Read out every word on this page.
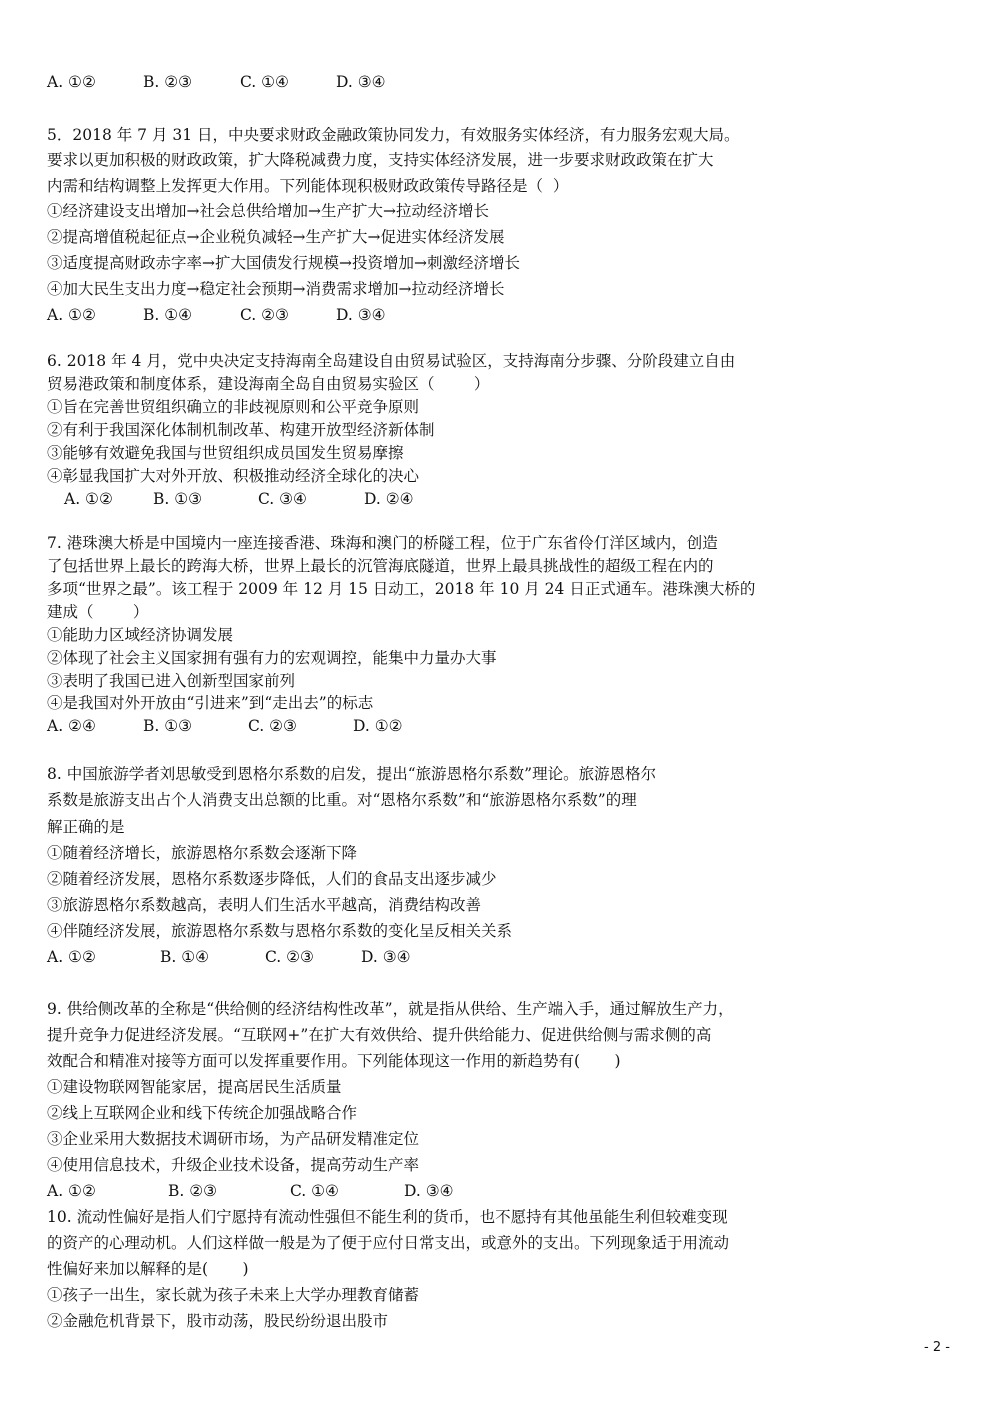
A. ①②	B. ②③	C. ①④	D. ③④
5．2018 年 7 月 31 日，中央要求财政金融政策协同发力，有效服务实体经济，有力服务宏观大局。
要求以更加积极的财政政策，扩大降税减费力度，支持实体经济发展，进一步要求财政政策在扩大
内需和结构调整上发挥更大作用。下列能体现积极财政政策传导路径是（  ）
①经济建设支出增加→社会总供给增加→生产扩大→拉动经济增长
②提高增值税起征点→企业税负减轻→生产扩大→促进实体经济发展
③适度提高财政赤字率→扩大国债发行规模→投资增加→刺激经济增长
④加大民生支出力度→稳定社会预期→消费需求增加→拉动经济增长
A. ①②	B. ①④	C. ②③	D. ③④
6. 2018 年 4 月，党中央决定支持海南全岛建设自由贸易试验区，支持海南分步骤、分阶段建立自由
贸易港政策和制度体系，建设海南全岛自由贸易实验区（        ）
①旨在完善世贸组织确立的非歧视原则和公平竞争原则
②有利于我国深化体制机制改革、构建开放型经济新体制
③能够有效避免我国与世贸组织成员国发生贸易摩擦
④彰显我国扩大对外开放、积极推动经济全球化的决心
A. ①②	B. ①③	C. ③④	D. ②④
7. 港珠澳大桥是中国境内一座连接香港、珠海和澳门的桥隧工程，位于广东省伶仃洋区域内，创造
了包括世界上最长的跨海大桥，世界上最长的沉管海底隧道，世界上最具挑战性的超级工程在内的
多项“世界之最”。该工程于 2009 年 12 月 15 日动工，2018 年 10 月 24 日正式通车。港珠澳大桥的
建成（        ）
①能助力区域经济协调发展
②体现了社会主义国家拥有强有力的宏观调控，能集中力量办大事
③表明了我国已进入创新型国家前列
④是我国对外开放由“引进来”到“走出去”的标志
A. ②④	B. ①③	C. ②③	D. ①②
8. 中国旅游学者刘思敏受到恩格尔系数的启发，提出“旅游恩格尔系数”理论。旅游恩格尔
系数是旅游支出占个人消费支出总额的比重。对“恩格尔系数”和“旅游恩格尔系数”的理
解正确的是
①随着经济增长，旅游恩格尔系数会逐渐下降
②随着经济发展，恩格尔系数逐步降低，人们的食品支出逐步减少
③旅游恩格尔系数越高，表明人们生活水平越高，消费结构改善
④伴随经济发展，旅游恩格尔系数与恩格尔系数的变化呈反相关关系
A. ①②	B. ①④	C. ②③	D. ③④
9. 供给侧改革的全称是“供给侧的经济结构性改革”，就是指从供给、生产端入手，通过解放生产力，
提升竞争力促进经济发展。“互联网+”在扩大有效供给、提升供给能力、促进供给侧与需求侧的高
效配合和精准对接等方面可以发挥重要作用。下列能体现这一作用的新趋势有(       )
①建设物联网智能家居，提高居民生活质量
②线上互联网企业和线下传统企加强战略合作
③企业采用大数据技术调研市场，为产品研发精准定位
④使用信息技术，升级企业技术设备，提高劳动生产率
A. ①②	B. ②③	C. ①④	D. ③④
10. 流动性偏好是指人们宁愿持有流动性强但不能生利的货币，也不愿持有其他虽能生利但较难变现
的资产的心理动机。人们这样做一般是为了便于应付日常支出，或意外的支出。下列现象适于用流动
性偏好来加以解释的是(       )
①孩子一出生，家长就为孩子未来上大学办理教育储蓄
②金融危机背景下，股市动荡，股民纷纷退出股市
- 2 -
